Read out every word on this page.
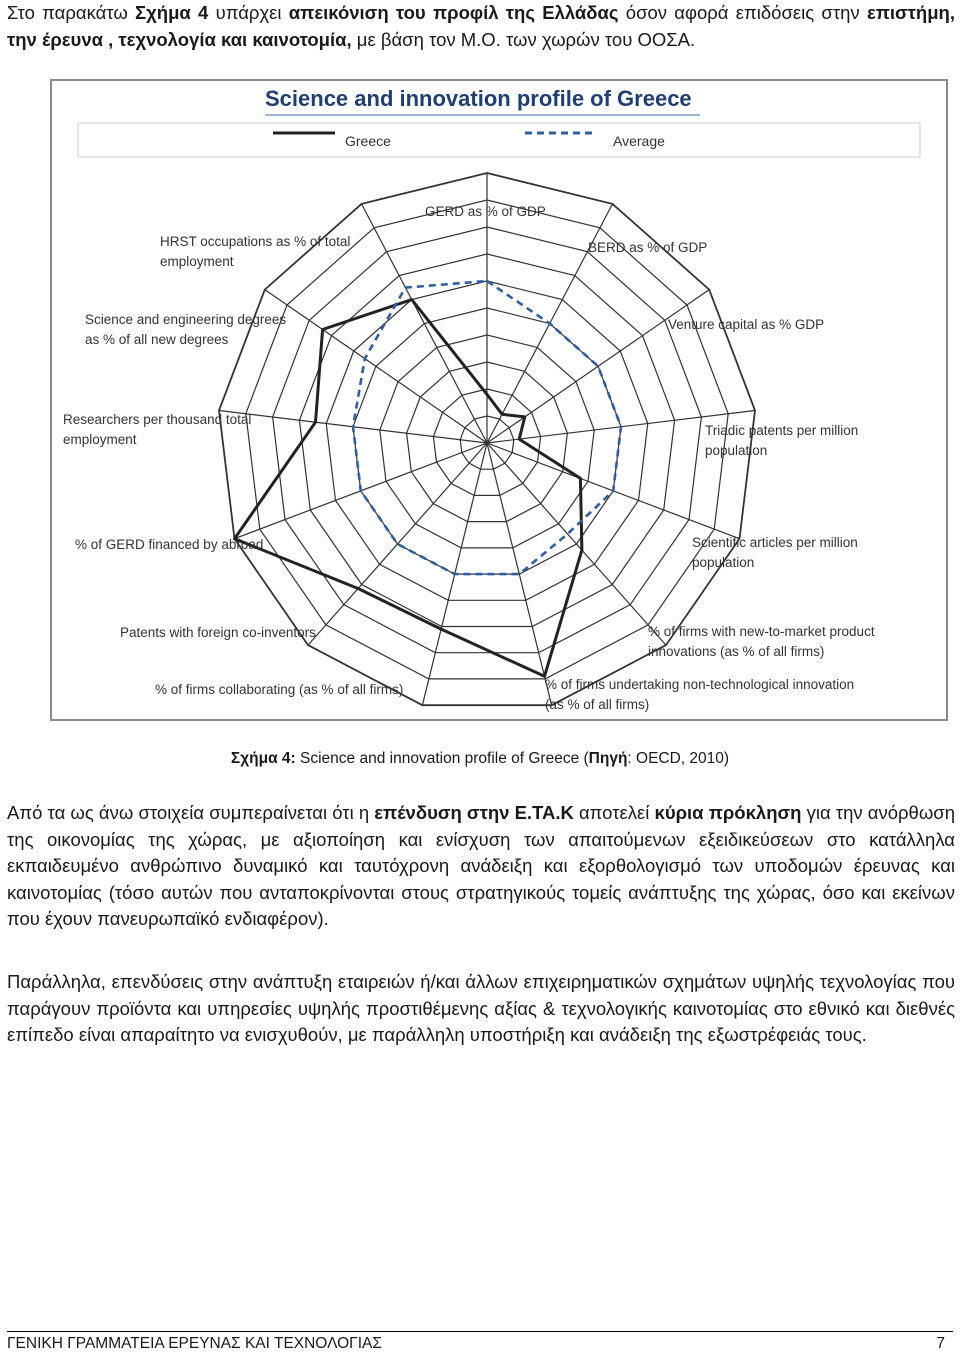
Στο παρακάτω Σχήμα 4 υπάρχει απεικόνιση του προφίλ της Ελλάδας όσον αφορά επιδόσεις στην επιστήμη, την έρευνα , τεχνολογία και καινοτομία, με βάση τον Μ.Ο. των χωρών του ΟΟΣΑ.

Science and innovation profile of Greece
Greece	Average
GERD as % of GDP
BERD as % of GDP
Venture capital as % GDP
Triadic patents per million population
Scientific articles per million population
% of firms with new-to-market product innovations (as % of all firms)
% of firms undertaking non-technological innovation (as % of all firms)
% of firms collaborating (as % of all firms)
Patents with foreign co-inventors
% of GERD financed by abroad
Researchers per thousand total employment
Science and engineering degrees as % of all new degrees
HRST occupations as % of total employment
Σχήμα 4: Science and innovation profile of Greece (Πηγή: OECD, 2010)

Από τα ως άνω στοιχεία συμπεραίνεται ότι η επένδυση στην Ε.ΤΑ.Κ αποτελεί κύρια πρόκληση για την ανόρθωση της οικονομίας της χώρας, με αξιοποίηση και ενίσχυση των απαιτούμενων εξειδικεύσεων στο κατάλληλα εκπαιδευμένο ανθρώπινο δυναμικό και ταυτόχρονη ανάδειξη και εξορθολογισμό των υποδομών έρευνας και καινοτομίας (τόσο αυτών που ανταποκρίνονται στους στρατηγικούς τομείς ανάπτυξης της χώρας, όσο και εκείνων που έχουν πανευρωπαϊκό ενδιαφέρον).

Παράλληλα, επενδύσεις στην ανάπτυξη εταιρειών ή/και άλλων επιχειρηματικών σχημάτων υψηλής τεχνολογίας που παράγουν προϊόντα και υπηρεσίες υψηλής προστιθέμενης αξίας & τεχνολογικής καινοτομίας στο εθνικό και διεθνές επίπεδο είναι απαραίτητο να ενισχυθούν, με παράλληλη υποστήριξη και ανάδειξη της εξωστρέφειάς τους.

ΓΕΝΙΚΗ ΓΡΑΜΜΑΤΕΙΑ ΕΡΕΥΝΑΣ ΚΑΙ ΤΕΧΝΟΛΟΓΙΑΣ	7
